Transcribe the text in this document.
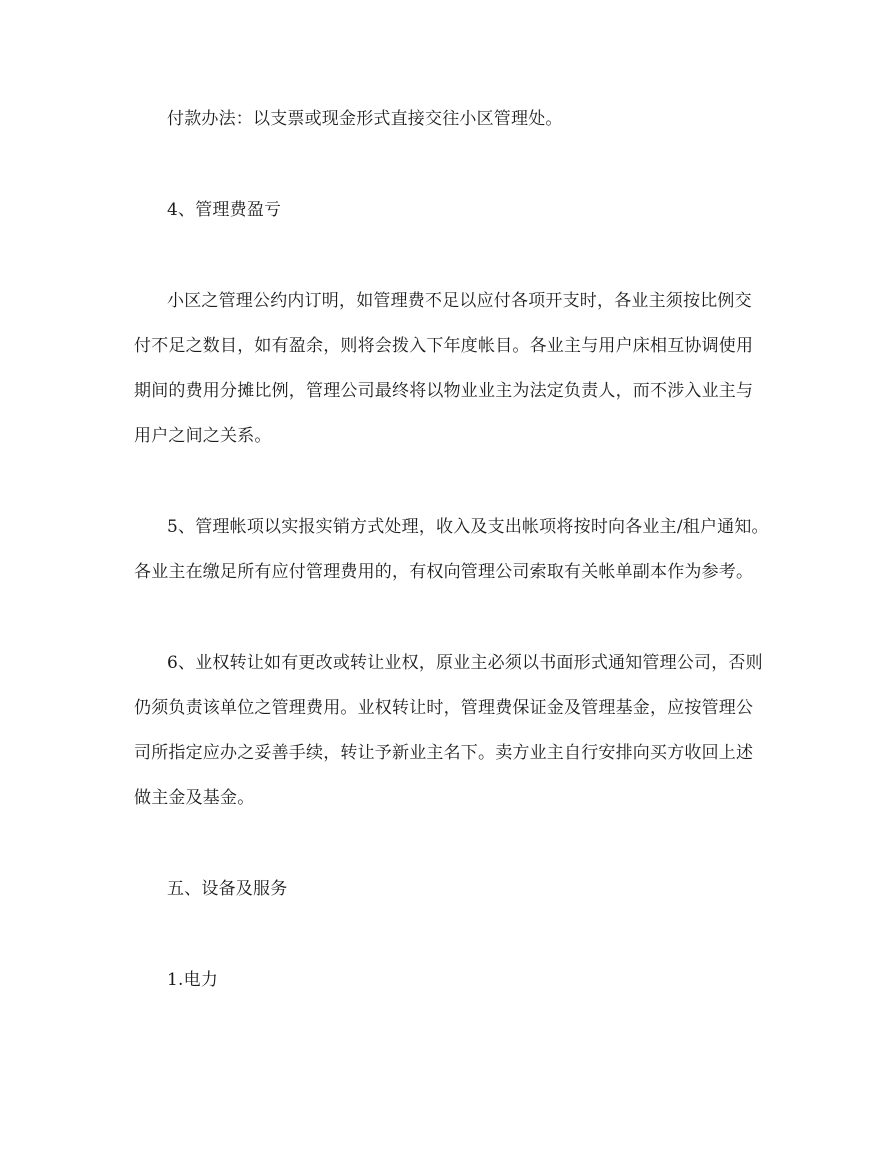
付款办法：以支票或现金形式直接交往小区管理处。
4、管理费盈亏
小区之管理公约内订明，如管理费不足以应付各项开支时，各业主须按比例交
付不足之数目，如有盈余，则将会拨入下年度帐目。各业主与用户床相互协调使用
期间的费用分摊比例，管理公司最终将以物业业主为法定负责人，而不涉入业主与
用户之间之关系。
5、管理帐项以实报实销方式处理，收入及支出帐项将按时向各业主/租户通知。
各业主在缴足所有应付管理费用的，有权向管理公司索取有关帐单副本作为参考。
6、业权转让如有更改或转让业权，原业主必须以书面形式通知管理公司，否则
仍须负责该单位之管理费用。业权转让时，管理费保证金及管理基金，应按管理公
司所指定应办之妥善手续，转让予新业主名下。卖方业主自行安排向买方收回上述
做主金及基金。
五、设备及服务
1.电力
